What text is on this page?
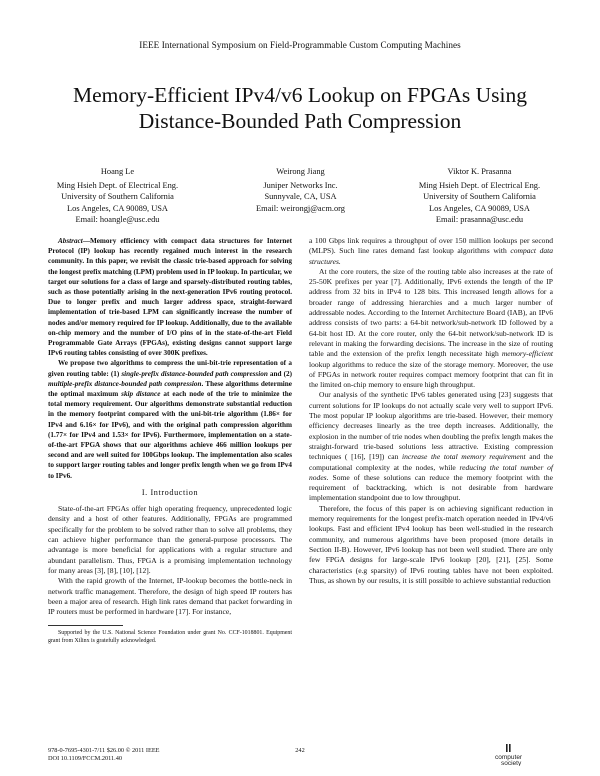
IEEE International Symposium on Field-Programmable Custom Computing Machines
Memory-Efficient IPv4/v6 Lookup on FPGAs Using Distance-Bounded Path Compression
Hoang Le
Ming Hsieh Dept. of Electrical Eng.
University of Southern California
Los Angeles, CA 90089, USA
Email: hoangle@usc.edu
Weirong Jiang
Juniper Networks Inc.
Sunnyvale, CA, USA
Email: weirongj@acm.org
Viktor K. Prasanna
Ming Hsieh Dept. of Electrical Eng.
University of Southern California
Los Angeles, CA 90089, USA
Email: prasanna@usc.edu

Abstract—Memory efficiency with compact data structures for Internet Protocol (IP) lookup has recently regained much interest in the research community. In this paper, we revisit the classic trie-based approach for solving the longest prefix matching (LPM) problem used in IP lookup. In particular, we target our solutions for a class of large and sparsely-distributed routing tables, such as those potentially arising in the next-generation IPv6 routing protocol. Due to longer prefix and much larger address space, straight-forward implementation of trie-based LPM can significantly increase the number of nodes and/or memory required for IP lookup. Additionally, due to the available on-chip memory and the number of I/O pins of in the state-of-the-art Field Programmable Gate Arrays (FPGAs), existing designs cannot support large IPv6 routing tables consisting of over 300K prefixes.

We propose two algorithms to compress the uni-bit-trie representation of a given routing table: (1) single-prefix distance-bounded path compression and (2) multiple-prefix distance-bounded path compression. These algorithms determine the optimal maximum skip distance at each node of the trie to minimize the total memory requirement. Our algorithms demonstrate substantial reduction in the memory footprint compared with the uni-bit-trie algorithm (1.86× for IPv4 and 6.16× for IPv6), and with the original path compression algorithm (1.77× for IPv4 and 1.53× for IPv6). Furthermore, implementation on a state-of-the-art FPGA shows that our algorithms achieve 466 million lookups per second and are well suited for 100Gbps lookup. The implementation also scales to support larger routing tables and longer prefix length when we go from IPv4 to IPv6.

I. Introduction

State-of-the-art FPGAs offer high operating frequency, unprecedented logic density and a host of other features. Additionally, FPGAs are programmed specifically for the problem to be solved rather than to solve all problems, they can achieve higher performance than the general-purpose processors. The advantage is more beneficial for applications with a regular structure and abundant parallelism. Thus, FPGA is a promising implementation technology for many areas [3], [8], [10], [12].

With the rapid growth of the Internet, IP-lookup becomes the bottle-neck in network traffic management. Therefore, the design of high speed IP routers has been a major area of research. High link rates demand that packet forwarding in IP routers must be performed in hardware [17]. For instance,

Supported by the U.S. National Science Foundation under grant No. CCF-1018801. Equipment grant from Xilinx is gratefully acknowledged.

a 100 Gbps link requires a throughput of over 150 million lookups per second (MLPS). Such line rates demand fast lookup algorithms with compact data structures.

At the core routers, the size of the routing table also increases at the rate of 25-50K prefixes per year [7]. Additionally, IPv6 extends the length of the IP address from 32 bits in IPv4 to 128 bits. This increased length allows for a broader range of addressing hierarchies and a much larger number of addressable nodes. According to the Internet Architecture Board (IAB), an IPv6 address consists of two parts: a 64-bit network/sub-network ID followed by a 64-bit host ID. At the core router, only the 64-bit network/sub-network ID is relevant in making the forwarding decisions. The increase in the size of routing table and the extension of the prefix length necessitate high memory-efficient lookup algorithms to reduce the size of the storage memory. Moreover, the use of FPGAs in network router requires compact memory footprint that can fit in the limited on-chip memory to ensure high throughput.

Our analysis of the synthetic IPv6 tables generated using [23] suggests that current solutions for IP lookups do not actually scale very well to support IPv6. The most popular IP lookup algorithms are trie-based. However, their memory efficiency decreases linearly as the tree depth increases. Additionally, the explosion in the number of trie nodes when doubling the prefix length makes the straight-forward trie-based solutions less attractive. Existing compression techniques ( [16], [19]) can increase the total memory requirement and the computational complexity at the nodes, while reducing the total number of nodes. Some of these solutions can reduce the memory footprint with the requirement of backtracking, which is not desirable from hardware implementation standpoint due to low throughput.

Therefore, the focus of this paper is on achieving significant reduction in memory requirements for the longest prefix-match operation needed in IPv4/v6 lookups. Fast and efficient IPv4 lookup has been well-studied in the research community, and numerous algorithms have been proposed (more details in Section II-B). However, IPv6 lookup has not been well studied. There are only few FPGA designs for large-scale IPv6 lookup [20], [21], [25]. Some characteristics (e.g sparsity) of IPv6 routing tables have not been exploited. Thus, as shown by our results, it is still possible to achieve substantial reduction

978-0-7695-4301-7/11 $26.00 © 2011 IEEE
DOI 10.1109/FCCM.2011.40
242
computer
society
